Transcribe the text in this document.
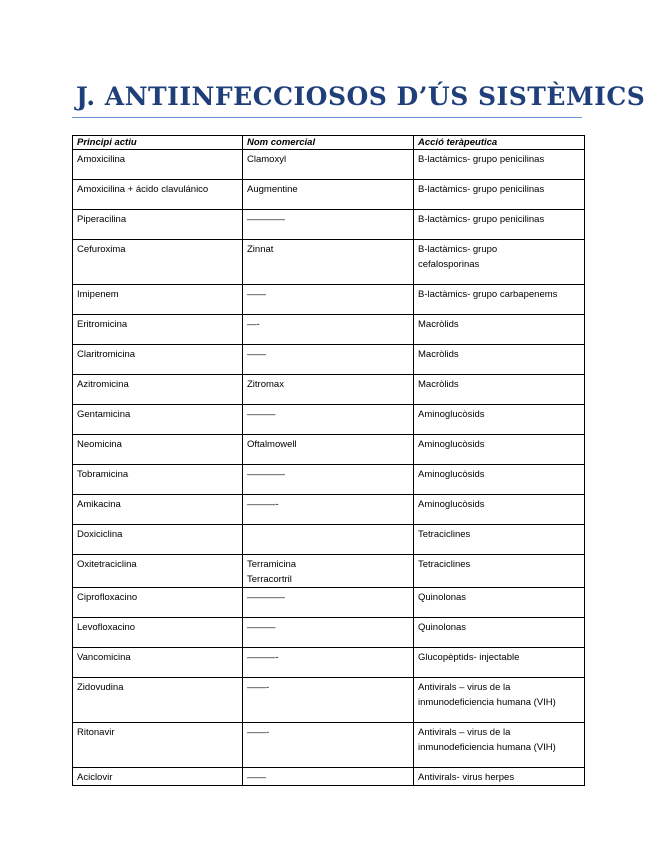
J. ANTIINFECCIOSOS D’ÚS SISTÈMICS
Principi actiu	Nom comercial	Acció teràpeutica

Amoxicilina	Clamoxyl	B-lactàmics- grupo penicilinas

Amoxicilina + ácido clavulánico	Augmentine	B-lactàmics- grupo penicilinas

Piperacilina	————	B-lactàmics- grupo penicilinas

Cefuroxima	Zinnat	B-lactàmics- grupo
cefalosporinas

Imipenem	——	B-lactàmics- grupo carbapenems

Eritromicina	—-	Macròlids

Claritromicina	——	Macròlids

Azitromicina	Zitromax	Macròlids

Gentamicina	———	Aminoglucòsids

Neomicina	Oftalmowell	Aminoglucòsids

Tobramicina	————	Aminoglucòsids

Amikacina	———-	Aminoglucòsids

Doxiciclina		Tetraciclines

Oxitetraciclina	Terramicina
Terracortril	Tetraciclines

Ciprofloxacino	————	Quinolonas

Levofloxacino	———	Quinolonas

Vancomicina	———-	Glucopèptids- injectable

Zidovudina	——-	Antivirals – virus de la
inmunodeficiencia humana (VIH)

Ritonavir	——-	Antivirals – virus de la
inmunodeficiencia humana (VIH)

Aciclovir	——	Antivirals- virus herpes
